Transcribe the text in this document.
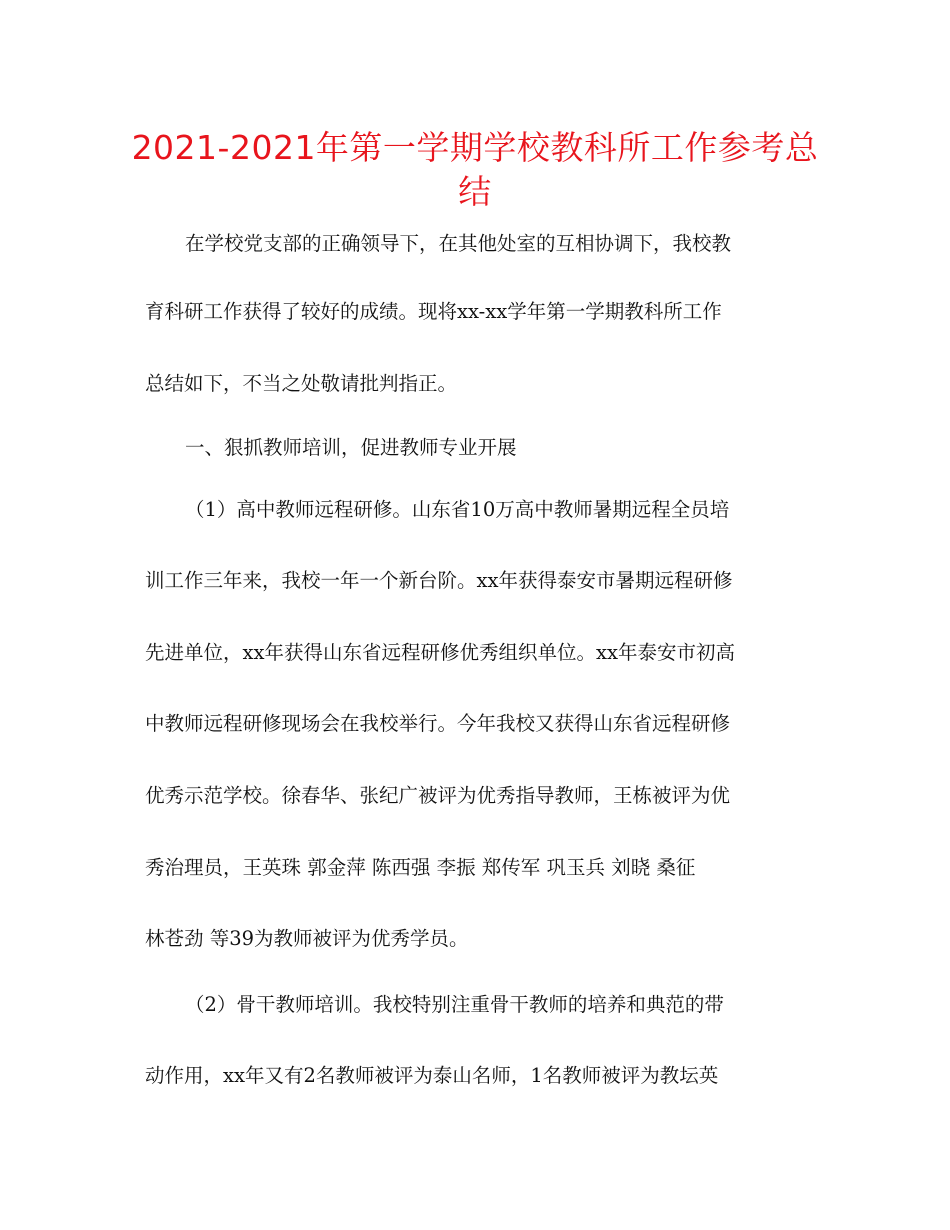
2021-2021年第一学期学校教科所工作参考总
结

在学校党支部的正确领导下，在其他处室的互相协调下，我校教

育科研工作获得了较好的成绩。现将xx-xx学年第一学期教科所工作

总结如下，不当之处敬请批判指正。

一、狠抓教师培训，促进教师专业开展

（1）高中教师远程研修。山东省10万高中教师暑期远程全员培

训工作三年来，我校一年一个新台阶。xx年获得泰安市暑期远程研修

先进单位，xx年获得山东省远程研修优秀组织单位。xx年泰安市初高

中教师远程研修现场会在我校举行。今年我校又获得山东省远程研修

优秀示范学校。徐春华、张纪广被评为优秀指导教师，王栋被评为优

秀治理员，王英珠 郭金萍 陈西强 李振 郑传军 巩玉兵 刘晓 桑征

林苍劲 等39为教师被评为优秀学员。

（2）骨干教师培训。我校特别注重骨干教师的培养和典范的带

动作用，xx年又有2名教师被评为泰山名师，1名教师被评为教坛英
